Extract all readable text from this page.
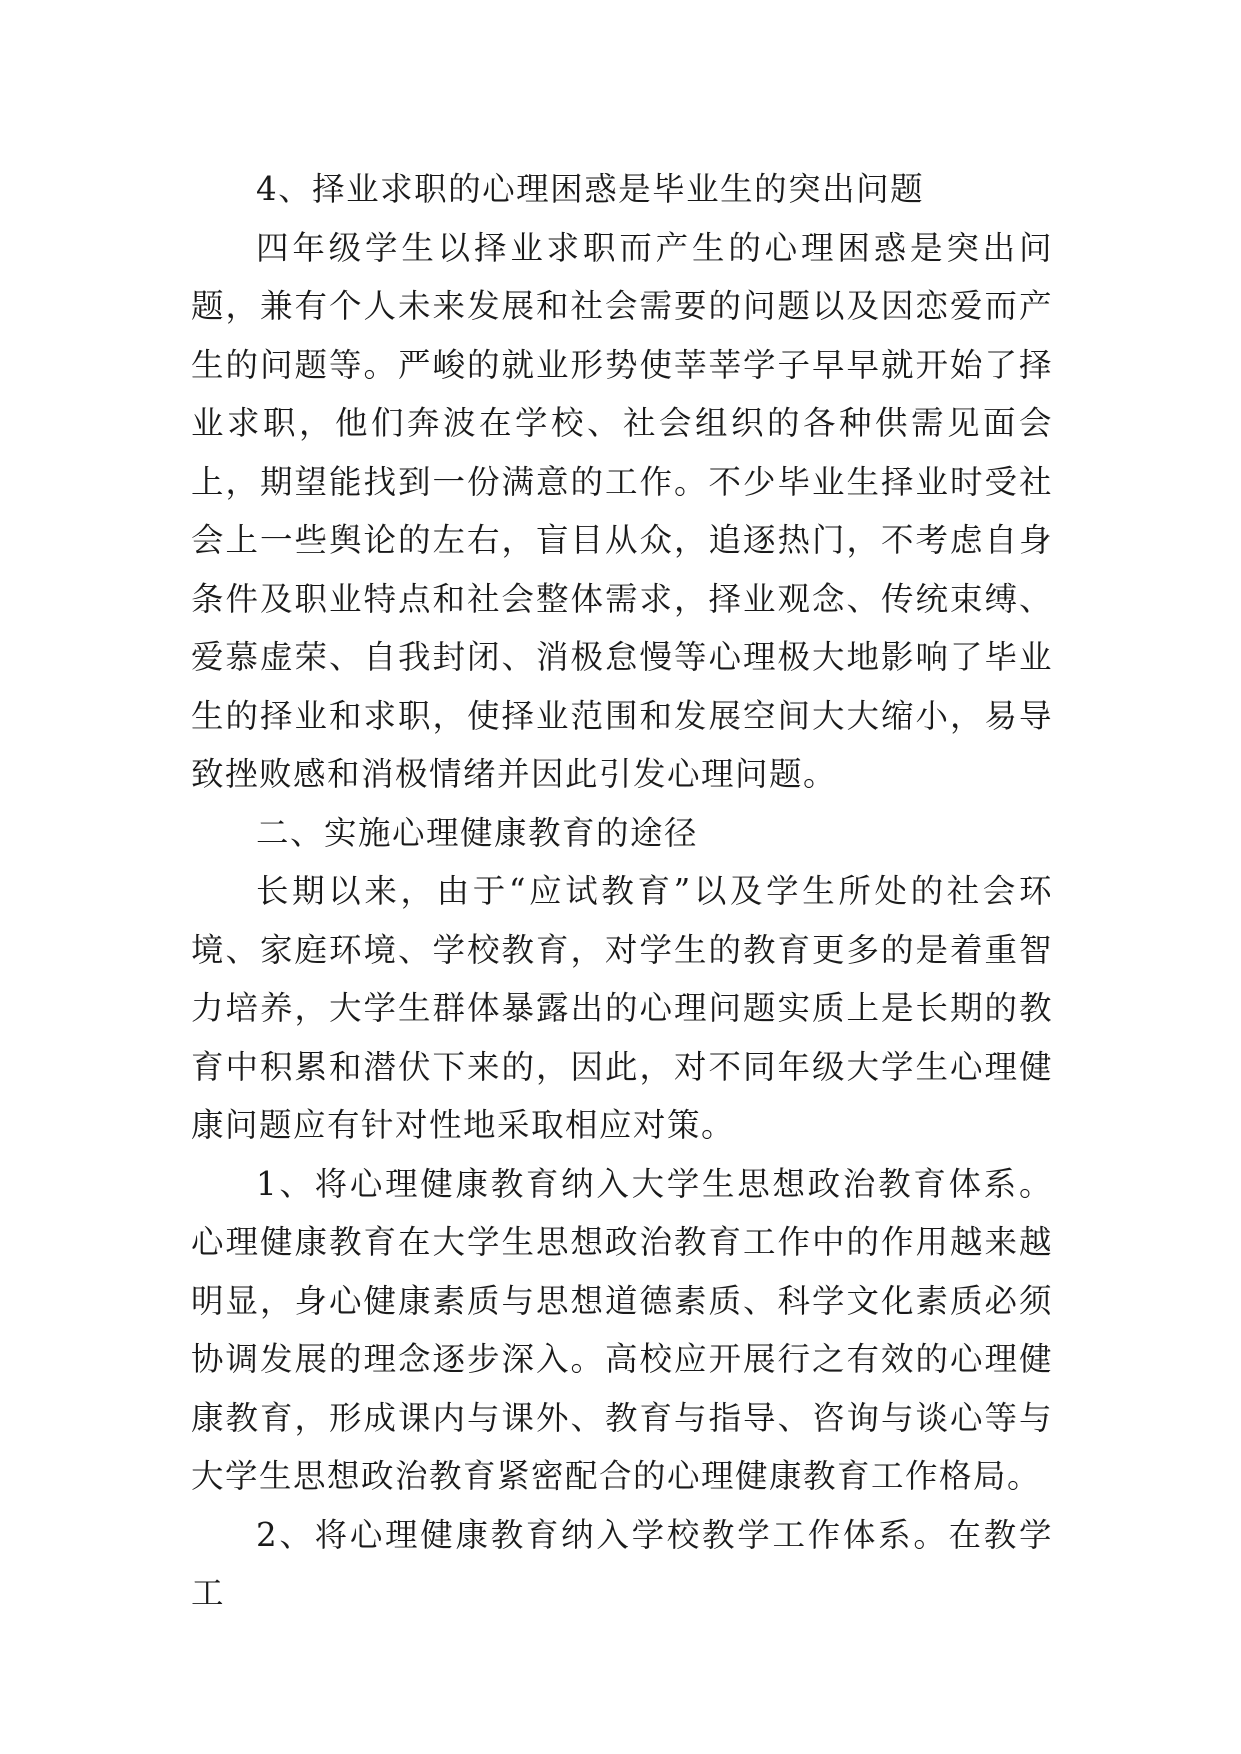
4、择业求职的心理困惑是毕业生的突出问题

四年级学生以择业求职而产生的心理困惑是突出问题，兼有个人未来发展和社会需要的问题以及因恋爱而产生的问题等。严峻的就业形势使莘莘学子早早就开始了择业求职，他们奔波在学校、社会组织的各种供需见面会上，期望能找到一份满意的工作。不少毕业生择业时受社会上一些舆论的左右，盲目从众，追逐热门，不考虑自身条件及职业特点和社会整体需求，择业观念、传统束缚、爱慕虚荣、自我封闭、消极怠慢等心理极大地影响了毕业生的择业和求职，使择业范围和发展空间大大缩小，易导致挫败感和消极情绪并因此引发心理问题。

二、实施心理健康教育的途径

长期以来，由于“应试教育”以及学生所处的社会环境、家庭环境、学校教育，对学生的教育更多的是着重智力培养，大学生群体暴露出的心理问题实质上是长期的教育中积累和潜伏下来的，因此，对不同年级大学生心理健康问题应有针对性地采取相应对策。

1、将心理健康教育纳入大学生思想政治教育体系。心理健康教育在大学生思想政治教育工作中的作用越来越明显，身心健康素质与思想道德素质、科学文化素质必须协调发展的理念逐步深入。高校应开展行之有效的心理健康教育，形成课内与课外、教育与指导、咨询与谈心等与大学生思想政治教育紧密配合的心理健康教育工作格局。

2、将心理健康教育纳入学校教学工作体系。在教学工
